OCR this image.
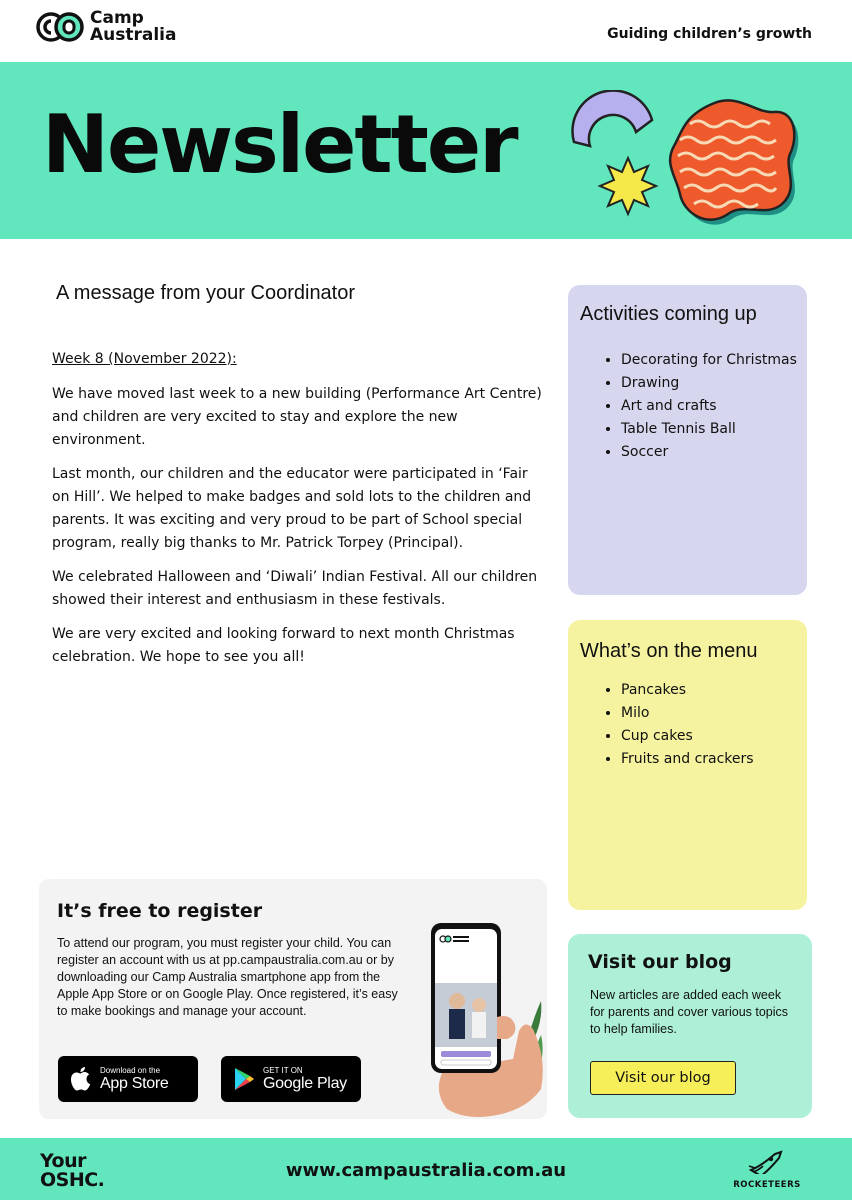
Camp
Australia	Guiding children’s growth
Newsletter
A message from your Coordinator
Week 8 (November 2022):

We have moved last week to a new building (Performance Art Centre) and children are very excited to stay and explore the new environment.

Last month, our children and the educator were participated in ‘Fair on Hill’. We helped to make badges and sold lots to the children and parents. It was exciting and very proud to be part of School special program, really big thanks to Mr. Patrick Torpey (Principal).

We celebrated Halloween and ‘Diwali’ Indian Festival. All our children showed their interest and enthusiasm in these festivals.

We are very excited and looking forward to next month Christmas celebration. We hope to see you all!

Activities coming up
• Decorating for Christmas
• Drawing
• Art and crafts
• Table Tennis Ball
• Soccer
What’s on the menu
• Pancakes
• Milo
• Cup cakes
• Fruits and crackers
It’s free to register
To attend our program, you must register your child. You can register an account with us at pp.campaustralia.com.au or by downloading our Camp Australia smartphone app from the Apple App Store or on Google Play. Once registered, it’s easy to make bookings and manage your account.
Download on the
App Store
GET IT ON
Google Play
Visit our blog
New articles are added each week for parents and cover various topics to help families.
Visit our blog
Your
OSHC.	www.campaustralia.com.au
ROCKETEERS
